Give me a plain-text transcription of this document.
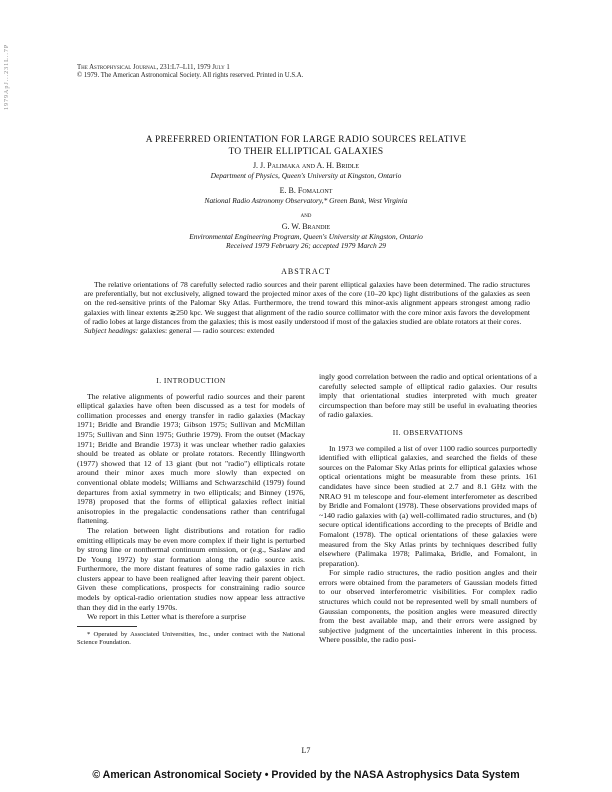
1979ApJ...231L..7P	The Astrophysical Journal, 231:L7–L11, 1979 July 1
© 1979. The American Astronomical Society. All rights reserved. Printed in U.S.A.
A PREFERRED ORIENTATION FOR LARGE RADIO SOURCES RELATIVE
TO THEIR ELLIPTICAL GALAXIES
J. J. Palimaka and A. H. Bridle
Department of Physics, Queen's University at Kingston, Ontario
E. B. Fomalont
National Radio Astronomy Observatory,* Green Bank, West Virginia
and
G. W. Brandie
Environmental Engineering Program, Queen's University at Kingston, Ontario
Received 1979 February 26; accepted 1979 March 29
ABSTRACT
The relative orientations of 78 carefully selected radio sources and their parent elliptical galaxies have been determined. The radio structures are preferentially, but not exclusively, aligned toward the projected minor axes of the core (10–20 kpc) light distributions of the galaxies as seen on the red-sensitive prints of the Palomar Sky Atlas. Furthermore, the trend toward this minor-axis alignment appears strongest among radio galaxies with linear extents ≳250 kpc. We suggest that alignment of the radio source collimator with the core minor axis favors the development of radio lobes at large distances from the galaxies; this is most easily understood if most of the galaxies studied are oblate rotators at their cores.
Subject headings: galaxies: general — radio sources: extended
I. INTRODUCTION

The relative alignments of powerful radio sources and their parent elliptical galaxies have often been discussed as a test for models of collimation processes and energy transfer in radio galaxies (Mackay 1971; Bridle and Brandie 1973; Gibson 1975; Sullivan and McMillan 1975; Sullivan and Sinn 1975; Guthrie 1979). From the outset (Mackay 1971; Bridle and Brandie 1973) it was unclear whether radio galaxies should be treated as oblate or prolate rotators. Recently Illingworth (1977) showed that 12 of 13 giant (but not "radio") ellipticals rotate around their minor axes much more slowly than expected on conventional oblate models; Williams and Schwarzschild (1979) found departures from axial symmetry in two ellipticals; and Binney (1976, 1978) proposed that the forms of elliptical galaxies reflect initial anisotropies in the pregalactic condensations rather than centrifugal flattening.

The relation between light distributions and rotation for radio emitting ellipticals may be even more complex if their light is perturbed by strong line or nonthermal continuum emission, or (e.g., Saslaw and De Young 1972) by star formation along the radio source axis. Furthermore, the more distant features of some radio galaxies in rich clusters appear to have been realigned after leaving their parent object. Given these complications, prospects for constraining radio source models by optical-radio orientation studies now appear less attractive than they did in the early 1970s.

We report in this Letter what is therefore a surprise

* Operated by Associated Universities, Inc., under contract with the National Science Foundation.

ingly good correlation between the radio and optical orientations of a carefully selected sample of elliptical radio galaxies. Our results imply that orientational studies interpreted with much greater circumspection than before may still be useful in evaluating theories of radio galaxies.

II. OBSERVATIONS

In 1973 we compiled a list of over 1100 radio sources purportedly identified with elliptical galaxies, and searched the fields of these sources on the Palomar Sky Atlas prints for elliptical galaxies whose optical orientations might be measurable from these prints. 161 candidates have since been studied at 2.7 and 8.1 GHz with the NRAO 91 m telescope and four-element interferometer as described by Bridle and Fomalont (1978). These observations provided maps of ~140 radio galaxies with (a) well-collimated radio structures, and (b) secure optical identifications according to the precepts of Bridle and Fomalont (1978). The optical orientations of these galaxies were measured from the Sky Atlas prints by techniques described fully elsewhere (Palimaka 1978; Palimaka, Bridle, and Fomalont, in preparation).

For simple radio structures, the radio position angles and their errors were obtained from the parameters of Gaussian models fitted to our observed interferometric visibilities. For complex radio structures which could not be represented well by small numbers of Gaussian components, the position angles were measured directly from the best available map, and their errors were assigned by subjective judgment of the uncertainties inherent in this process. Where possible, the radio posi-

L7
© American Astronomical Society • Provided by the NASA Astrophysics Data System
